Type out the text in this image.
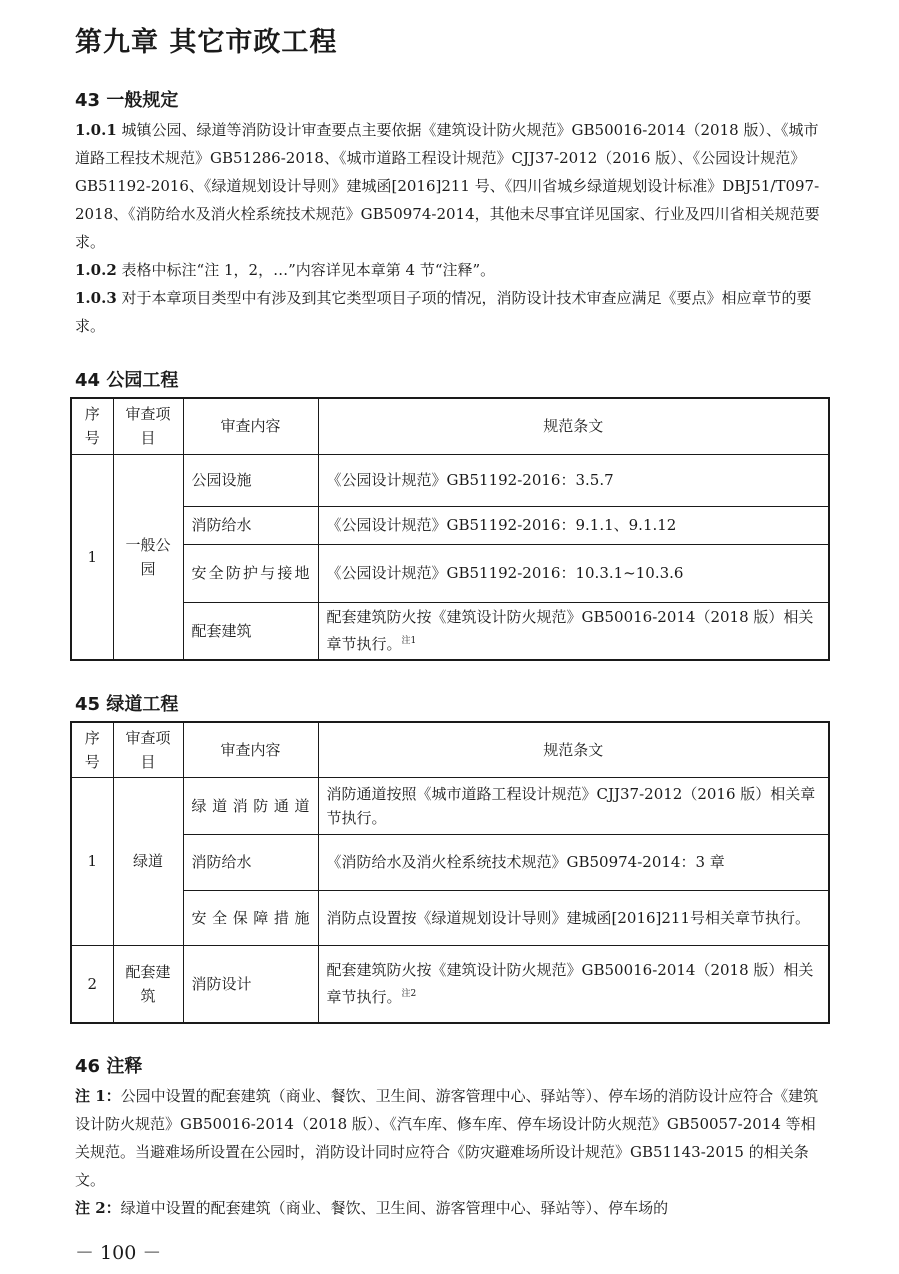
第九章 其它市政工程
43 一般规定

1.0.1 城镇公园、绿道等消防设计审查要点主要依据《建筑设计防火规范》GB50016-2014（2018 版）、《城市道路工程技术规范》GB51286-2018、《城市道路工程设计规范》CJJ37-2012（2016 版）、《公园设计规范》GB51192-2016、《绿道规划设计导则》建城函[2016]211 号、《四川省城乡绿道规划设计标准》DBJ51/T097-2018、《消防给水及消火栓系统技术规范》GB50974-2014，其他未尽事宜详见国家、行业及四川省相关规范要求。

1.0.2 表格中标注“注 1，2，…”内容详见本章第 4 节“注释”。

1.0.3 对于本章项目类型中有涉及到其它类型项目子项的情况，消防设计技术审查应满足《要点》相应章节的要求。

44 公园工程
序号	审查项目	审查内容	规范条文
1	一般公园	公园设施	《公园设计规范》GB51192-2016：3.5.7
		消防给水	《公园设计规范》GB51192-2016：9.1.1、9.1.12
		安全防护与接地	《公园设计规范》GB51192-2016：10.3.1~10.3.6
		配套建筑	配套建筑防火按《建筑设计防火规范》GB50016-2014（2018 版）相关章节执行。$^{注1}$
45 绿道工程
序号	审查项目	审查内容	规范条文
1	绿道	绿道消防通道	消防通道按照《城市道路工程设计规范》CJJ37-2012（2016 版）相关章节执行。
		消防给水	《消防给水及消火栓系统技术规范》GB50974-2014：3 章
		安全保障措施	消防点设置按《绿道规划设计导则》建城函[2016]211号相关章节执行。
2	配套建筑	消防设计	配套建筑防火按《建筑设计防火规范》GB50016-2014（2018 版）相关章节执行。$^{注2}$
46 注释

注 1：公园中设置的配套建筑（商业、餐饮、卫生间、游客管理中心、驿站等）、停车场的消防设计应符合《建筑设计防火规范》GB50016-2014（2018 版）、《汽车库、修车库、停车场设计防火规范》GB50057-2014 等相关规范。当避难场所设置在公园时，消防设计同时应符合《防灾避难场所设计规范》GB51143-2015 的相关条文。

注 2：绿道中设置的配套建筑（商业、餐饮、卫生间、游客管理中心、驿站等）、停车场的

－ 100 －
